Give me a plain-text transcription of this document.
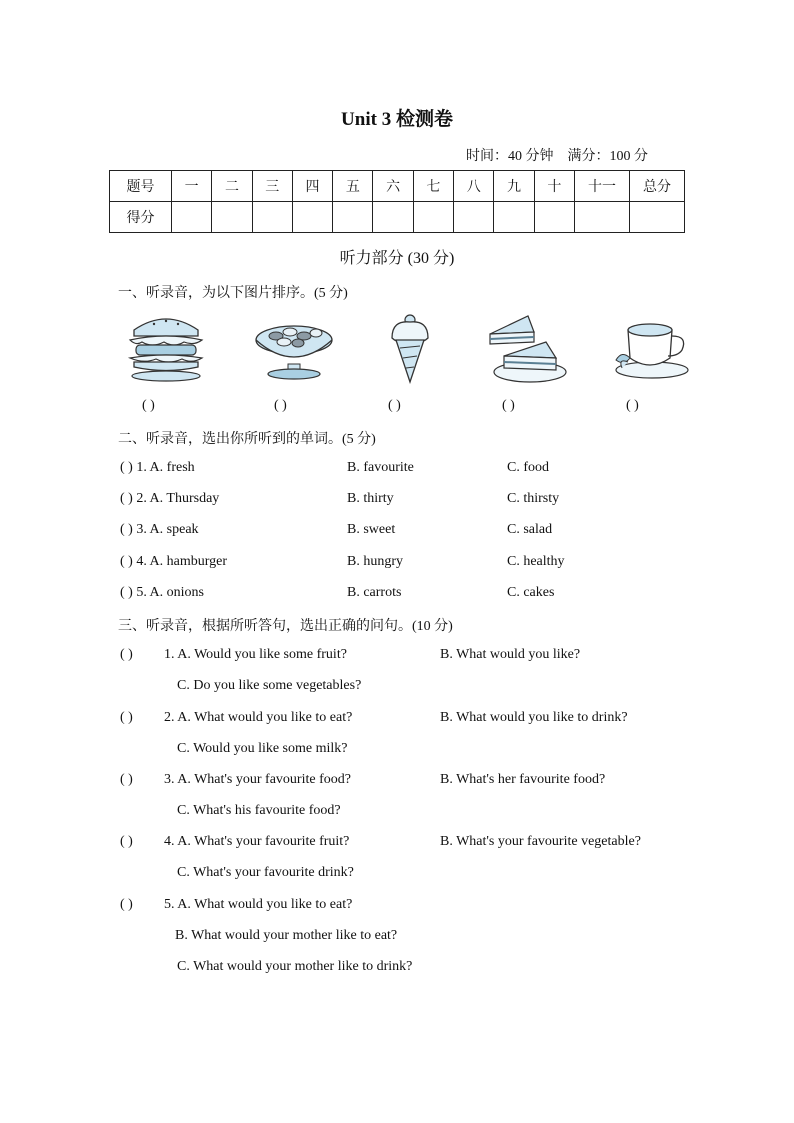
Unit 3 检测卷
时间：40 分钟 满分：100 分
题号	一	二	三	四	五	六	七	八	九	十	十一	总分
得分												
听力部分 (30 分)
一、听录音，为以下图片排序。(5 分)
( )	( )	( )	( )	( )
二、听录音，选出你所听到的单词。(5 分)
( ) 1. A. fresh	B. favourite	C. food
( ) 2. A. Thursday	B. thirty	C. thirsty
( ) 3. A. speak	B. sweet	C. salad
( ) 4. A. hamburger	B. hungry	C. healthy
( ) 5. A. onions	B. carrots	C. cakes
三、听录音，根据所听答句，选出正确的问句。(10 分)
( ) 1. A. Would you like some fruit?	B. What would you like?
C. Do you like some vegetables?
( ) 2. A. What would you like to eat?	B. What would you like to drink?
C. Would you like some milk?
( ) 3. A. What's your favourite food?	B. What's her favourite food?
C. What's his favourite food?
( ) 4. A. What's your favourite fruit?	B. What's your favourite vegetable?
C. What's your favourite drink?
( ) 5. A. What would you like to eat?
B. What would your mother like to eat?
C. What would your mother like to drink?
